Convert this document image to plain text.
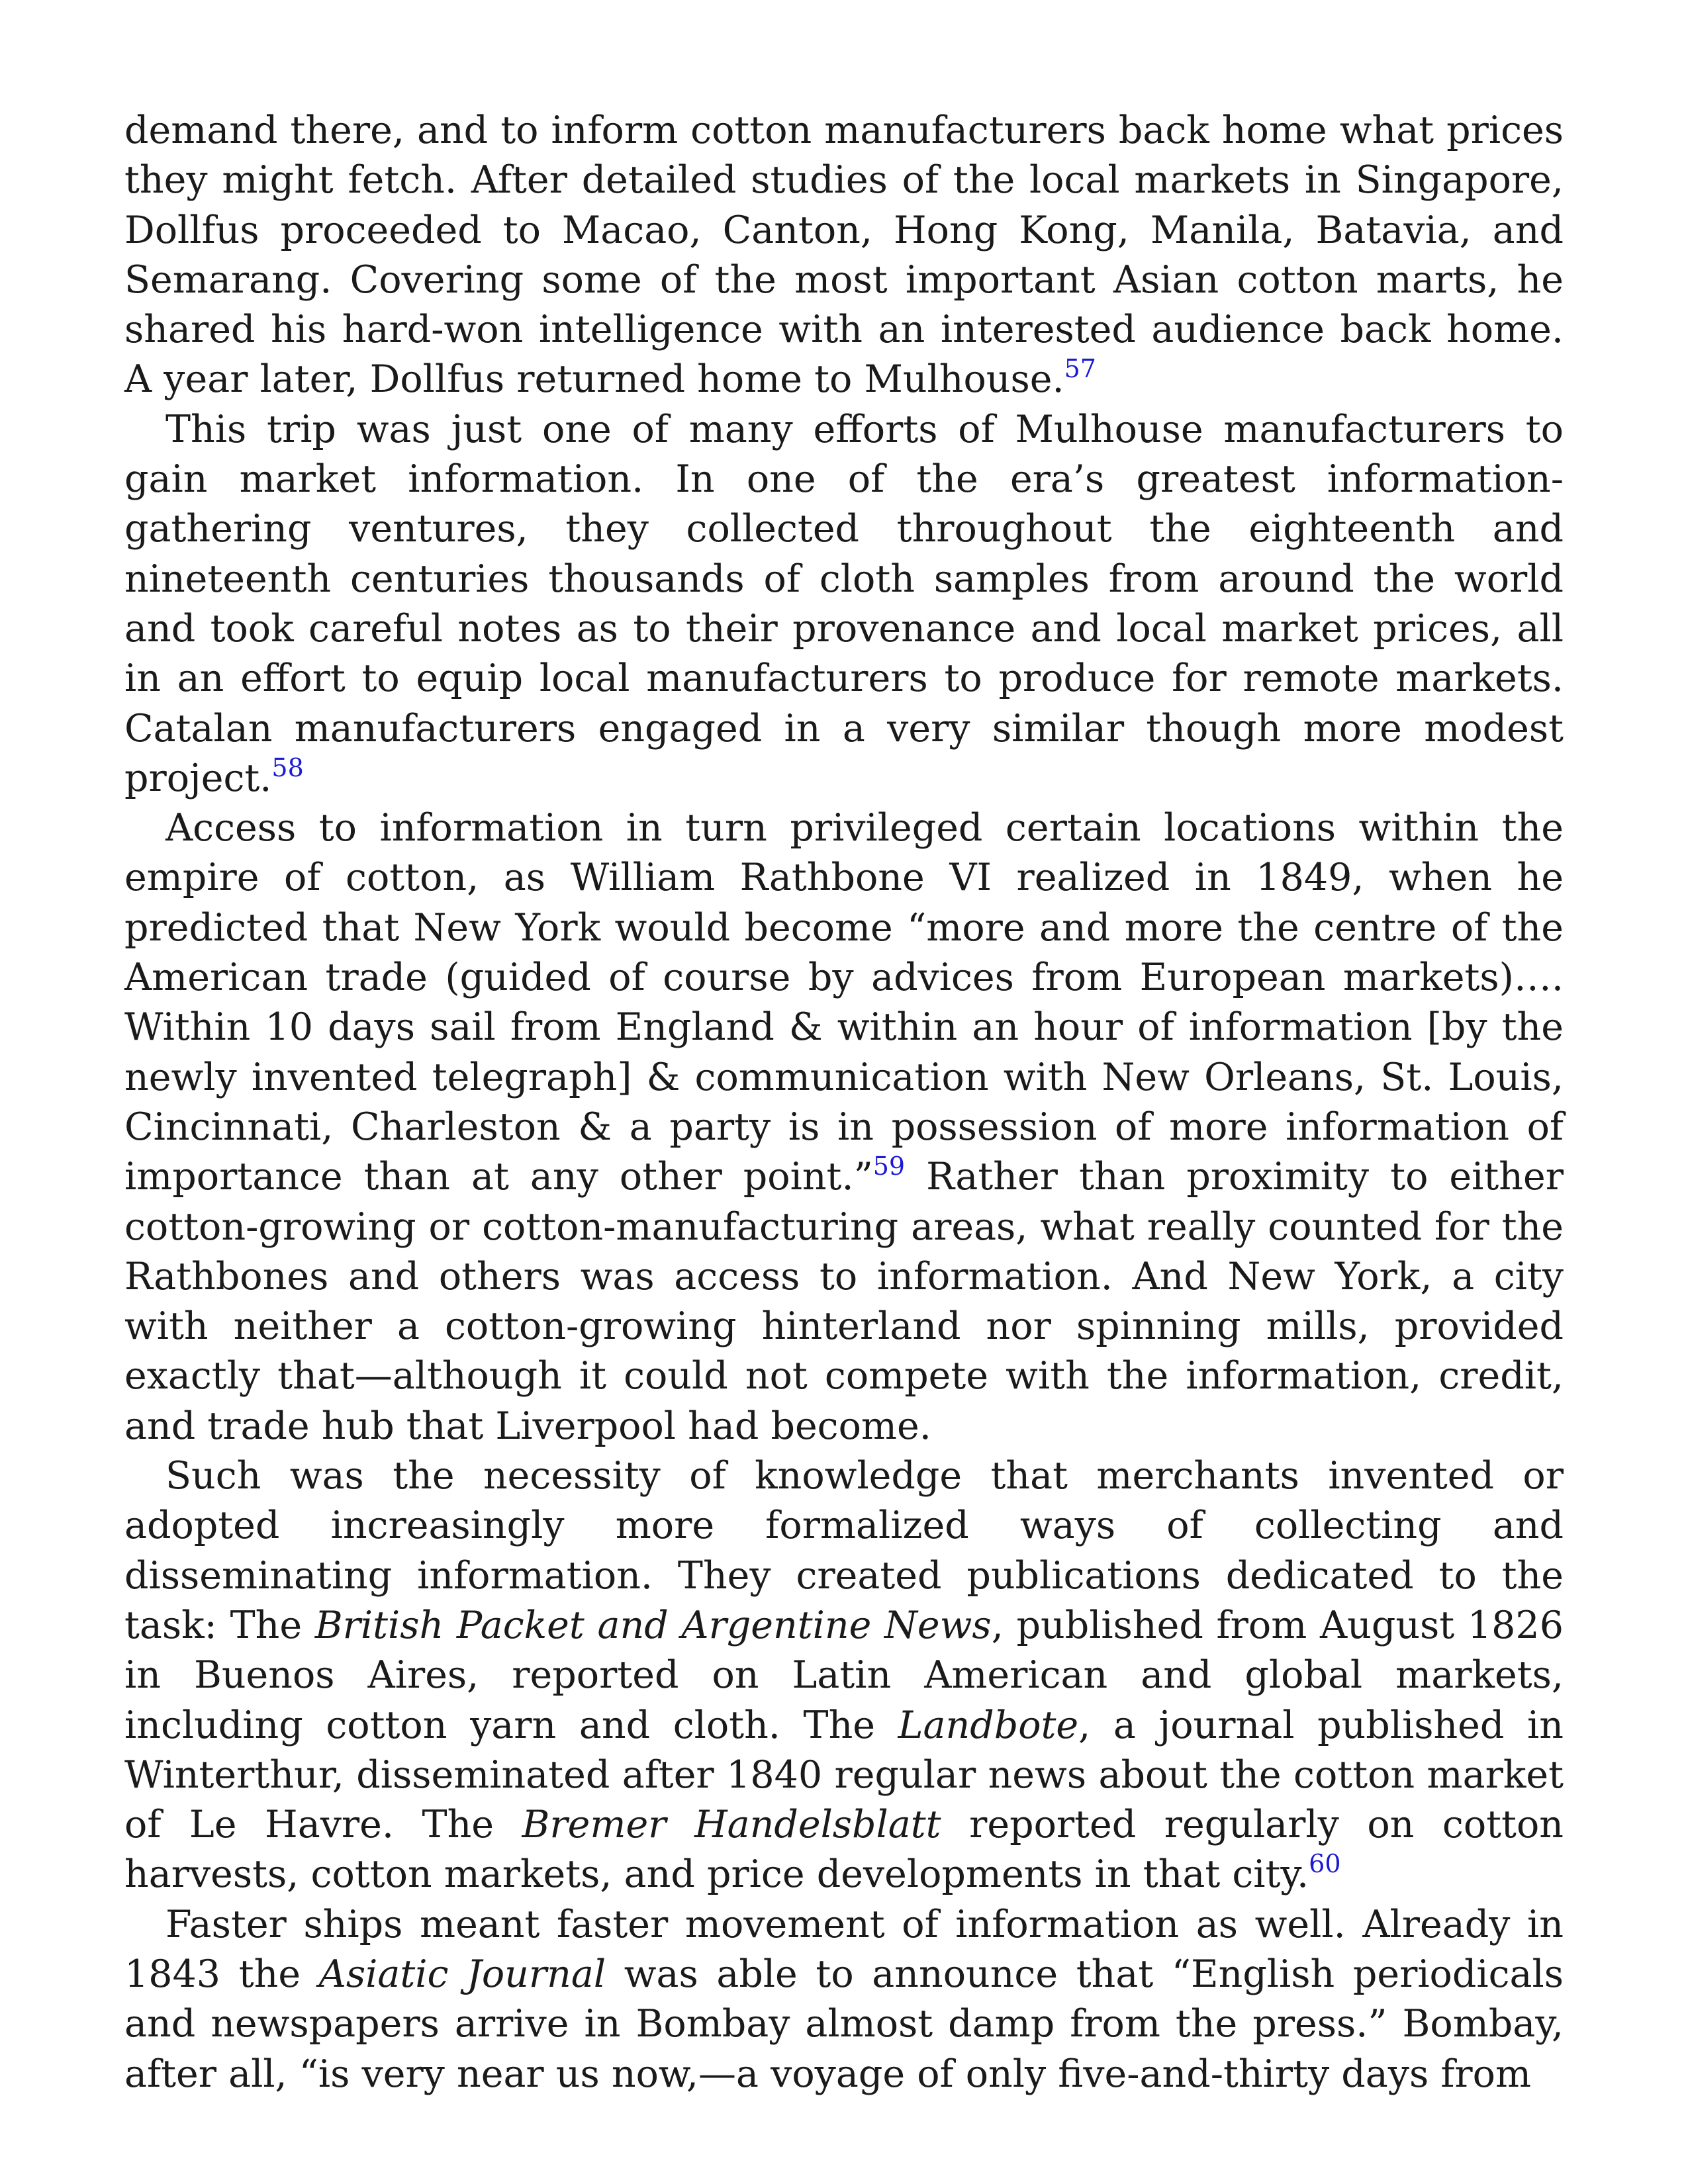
demand there, and to inform cotton manufacturers back home what prices they might fetch. After detailed studies of the local markets in Singapore, Dollfus proceeded to Macao, Canton, Hong Kong, Manila, Batavia, and Semarang. Covering some of the most important Asian cotton marts, he shared his hard-won intelligence with an interested audience back home. A year later, Dollfus returned home to Mulhouse.$^{57}$

This trip was just one of many efforts of Mulhouse manufacturers to gain market information. In one of the era’s greatest information-gathering ventures, they collected throughout the eighteenth and nineteenth centuries thousands of cloth samples from around the world and took careful notes as to their provenance and local market prices, all in an effort to equip local manufacturers to produce for remote markets. Catalan manufacturers engaged in a very similar though more modest project.$^{58}$

Access to information in turn privileged certain locations within the empire of cotton, as William Rathbone VI realized in 1849, when he predicted that New York would become “more and more the centre of the American trade (guided of course by advices from European markets)…. Within 10 days sail from England & within an hour of information [by the newly invented telegraph] & communication with New Orleans, St. Louis, Cincinnati, Charleston & a party is in possession of more information of importance than at any other point.”$^{59}$ Rather than proximity to either cotton-growing or cotton-manufacturing areas, what really counted for the Rathbones and others was access to information. And New York, a city with neither a cotton-growing hinterland nor spinning mills, provided exactly that—although it could not compete with the information, credit, and trade hub that Liverpool had become.

Such was the necessity of knowledge that merchants invented or adopted increasingly more formalized ways of collecting and disseminating information. They created publications dedicated to the task: The British Packet and Argentine News, published from August 1826 in Buenos Aires, reported on Latin American and global markets, including cotton yarn and cloth. The Landbote, a journal published in Winterthur, disseminated after 1840 regular news about the cotton market of Le Havre. The Bremer Handelsblatt reported regularly on cotton harvests, cotton markets, and price developments in that city.$^{60}$

Faster ships meant faster movement of information as well. Already in 1843 the Asiatic Journal was able to announce that “English periodicals and newspapers arrive in Bombay almost damp from the press.” Bombay, after all, “is very near us now,—a voyage of only five-and-thirty days from
